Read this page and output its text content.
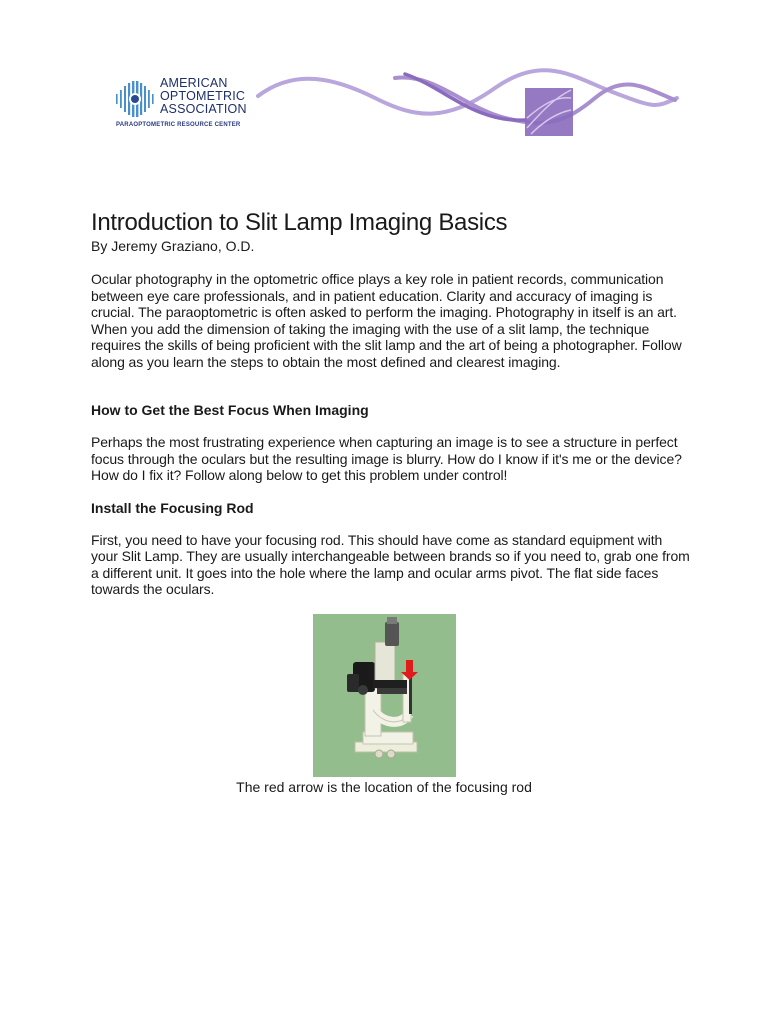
AMERICAN
OPTOMETRIC
ASSOCIATION
PARAOPTOMETRIC RESOURCE CENTER
Introduction to Slit Lamp Imaging Basics
By Jeremy Graziano, O.D.

Ocular photography in the optometric office plays a key role in patient records, communication between eye care professionals, and in patient education. Clarity and accuracy of imaging is crucial. The paraoptometric is often asked to perform the imaging. Photography in itself is an art. When you add the dimension of taking the imaging with the use of a slit lamp, the technique requires the skills of being proficient with the slit lamp and the art of being a photographer. Follow along as you learn the steps to obtain the most defined and clearest imaging.

How to Get the Best Focus When Imaging

Perhaps the most frustrating experience when capturing an image is to see a structure in perfect focus through the oculars but the resulting image is blurry. How do I know if it's me or the device? How do I fix it? Follow along below to get this problem under control!

Install the Focusing Rod

First, you need to have your focusing rod. This should have come as standard equipment with your Slit Lamp. They are usually interchangeable between brands so if you need to, grab one from a different unit. It goes into the hole where the lamp and ocular arms pivot. The flat side faces towards the oculars.

The red arrow is the location of the focusing rod
